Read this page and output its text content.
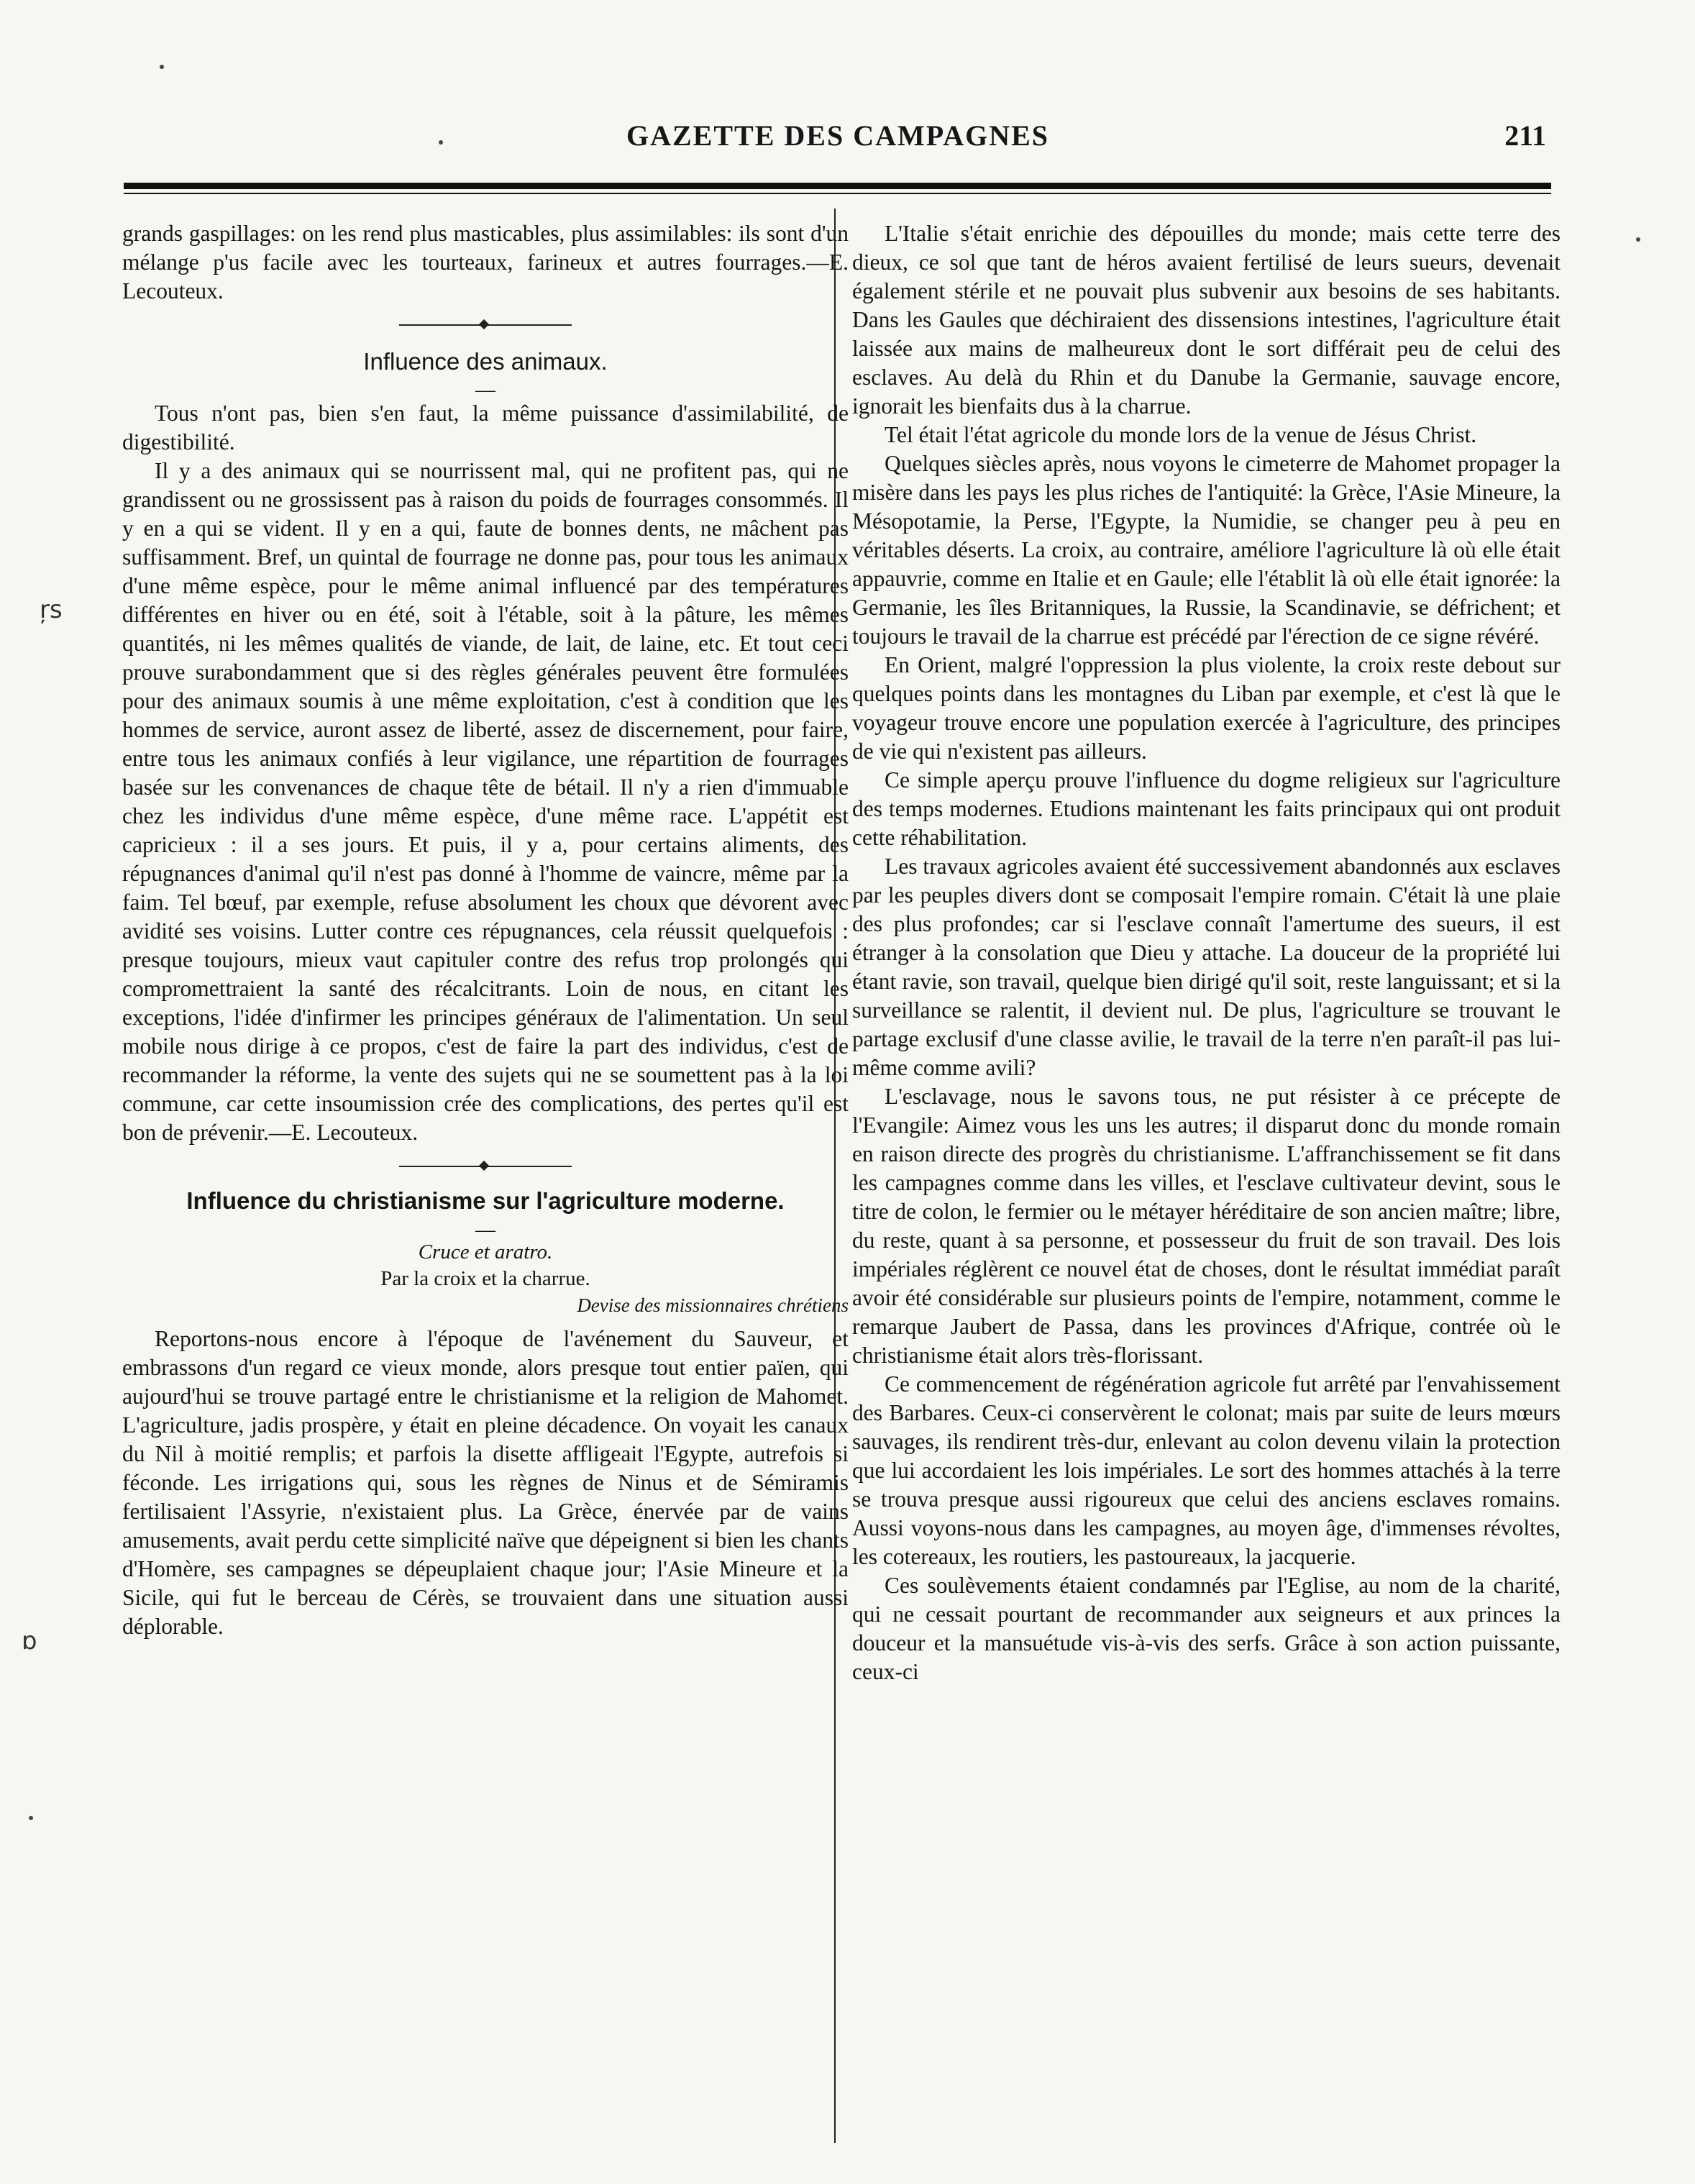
GAZETTE DES CAMPAGNES	211
ŗs
ɒ

grands gaspillages: on les rend plus masticables, plus assimilables: ils sont d'un mélange p'us facile avec les tourteaux, farineux et autres fourrages.—E. Lecouteux.

Influence des animaux.
—

Tous n'ont pas, bien s'en faut, la même puissance d'assimilabilité, de digestibilité.

Il y a des animaux qui se nourrissent mal, qui ne profitent pas, qui ne grandissent ou ne grossissent pas à raison du poids de fourrages consommés. Il y en a qui se vident. Il y en a qui, faute de bonnes dents, ne mâchent pas suffisamment. Bref, un quintal de fourrage ne donne pas, pour tous les animaux d'une même espèce, pour le même animal influencé par des températures différentes en hiver ou en été, soit à l'étable, soit à la pâture, les mêmes quantités, ni les mêmes qualités de viande, de lait, de laine, etc. Et tout ceci prouve surabondamment que si des règles générales peuvent être formulées pour des animaux soumis à une même exploitation, c'est à condition que les hommes de service, auront assez de liberté, assez de discernement, pour faire, entre tous les animaux confiés à leur vigilance, une répartition de fourrages basée sur les convenances de chaque tête de bétail. Il n'y a rien d'immuable chez les individus d'une même espèce, d'une même race. L'appétit est capricieux : il a ses jours. Et puis, il y a, pour certains aliments, des répugnances d'animal qu'il n'est pas donné à l'homme de vaincre, même par la faim. Tel bœuf, par exemple, refuse absolument les choux que dévorent avec avidité ses voisins. Lutter contre ces répugnances, cela réussit quelquefois : presque toujours, mieux vaut capituler contre des refus trop prolongés qui compromettraient la santé des récalcitrants. Loin de nous, en citant les exceptions, l'idée d'infirmer les principes généraux de l'alimentation. Un seul mobile nous dirige à ce propos, c'est de faire la part des individus, c'est de recommander la réforme, la vente des sujets qui ne se soumettent pas à la loi commune, car cette insoumission crée des complications, des pertes qu'il est bon de prévenir.—E. Lecouteux.

Influence du christianisme sur l'agriculture moderne.
—
Cruce et aratro.
Par la croix et la charrue.
Devise des missionnaires chrétiens

Reportons-nous encore à l'époque de l'avénement du Sauveur, et embrassons d'un regard ce vieux monde, alors presque tout entier païen, qui aujourd'hui se trouve partagé entre le christianisme et la religion de Mahomet. L'agriculture, jadis prospère, y était en pleine décadence. On voyait les canaux du Nil à moitié remplis; et parfois la disette affligeait l'Egypte, autrefois si féconde. Les irrigations qui, sous les règnes de Ninus et de Sémiramis fertilisaient l'Assyrie, n'existaient plus. La Grèce, énervée par de vains amusements, avait perdu cette simplicité naïve que dépeignent si bien les chants d'Homère, ses campagnes se dépeuplaient chaque jour; l'Asie Mineure et la Sicile, qui fut le berceau de Cérès, se trouvaient dans une situation aussi déplorable.

L'Italie s'était enrichie des dépouilles du monde; mais cette terre des dieux, ce sol que tant de héros avaient fertilisé de leurs sueurs, devenait également stérile et ne pouvait plus subvenir aux besoins de ses habitants. Dans les Gaules que déchiraient des dissensions intestines, l'agriculture était laissée aux mains de malheureux dont le sort différait peu de celui des esclaves. Au delà du Rhin et du Danube la Germanie, sauvage encore, ignorait les bienfaits dus à la charrue.

Tel était l'état agricole du monde lors de la venue de Jésus Christ.

Quelques siècles après, nous voyons le cimeterre de Mahomet propager la misère dans les pays les plus riches de l'antiquité: la Grèce, l'Asie Mineure, la Mésopotamie, la Perse, l'Egypte, la Numidie, se changer peu à peu en véritables déserts. La croix, au contraire, améliore l'agriculture là où elle était appauvrie, comme en Italie et en Gaule; elle l'établit là où elle était ignorée: la Germanie, les îles Britanniques, la Russie, la Scandinavie, se défrichent; et toujours le travail de la charrue est précédé par l'érection de ce signe révéré.

En Orient, malgré l'oppression la plus violente, la croix reste debout sur quelques points dans les montagnes du Liban par exemple, et c'est là que le voyageur trouve encore une population exercée à l'agriculture, des principes de vie qui n'existent pas ailleurs.

Ce simple aperçu prouve l'influence du dogme religieux sur l'agriculture des temps modernes. Etudions maintenant les faits principaux qui ont produit cette réhabilitation.

Les travaux agricoles avaient été successivement abandonnés aux esclaves par les peuples divers dont se composait l'empire romain. C'était là une plaie des plus profondes; car si l'esclave connaît l'amertume des sueurs, il est étranger à la consolation que Dieu y attache. La douceur de la propriété lui étant ravie, son travail, quelque bien dirigé qu'il soit, reste languissant; et si la surveillance se ralentit, il devient nul. De plus, l'agriculture se trouvant le partage exclusif d'une classe avilie, le travail de la terre n'en paraît-il pas lui-même comme avili?

L'esclavage, nous le savons tous, ne put résister à ce précepte de l'Evangile: Aimez vous les uns les autres; il disparut donc du monde romain en raison directe des progrès du christianisme. L'affranchissement se fit dans les campagnes comme dans les villes, et l'esclave cultivateur devint, sous le titre de colon, le fermier ou le métayer héréditaire de son ancien maître; libre, du reste, quant à sa personne, et possesseur du fruit de son travail. Des lois impériales réglèrent ce nouvel état de choses, dont le résultat immédiat paraît avoir été considérable sur plusieurs points de l'empire, notamment, comme le remarque Jaubert de Passa, dans les provinces d'Afrique, contrée où le christianisme était alors très-florissant.

Ce commencement de régénération agricole fut arrêté par l'envahissement des Barbares. Ceux-ci conservèrent le colonat; mais par suite de leurs mœurs sauvages, ils rendirent très-dur, enlevant au colon devenu vilain la protection que lui accordaient les lois impériales. Le sort des hommes attachés à la terre se trouva presque aussi rigoureux que celui des anciens esclaves romains. Aussi voyons-nous dans les campagnes, au moyen âge, d'immenses révoltes, les cotereaux, les routiers, les pastoureaux, la jacquerie.

Ces soulèvements étaient condamnés par l'Eglise, au nom de la charité, qui ne cessait pourtant de recommander aux seigneurs et aux princes la douceur et la mansuétude vis-à-vis des serfs. Grâce à son action puissante, ceux-ci
